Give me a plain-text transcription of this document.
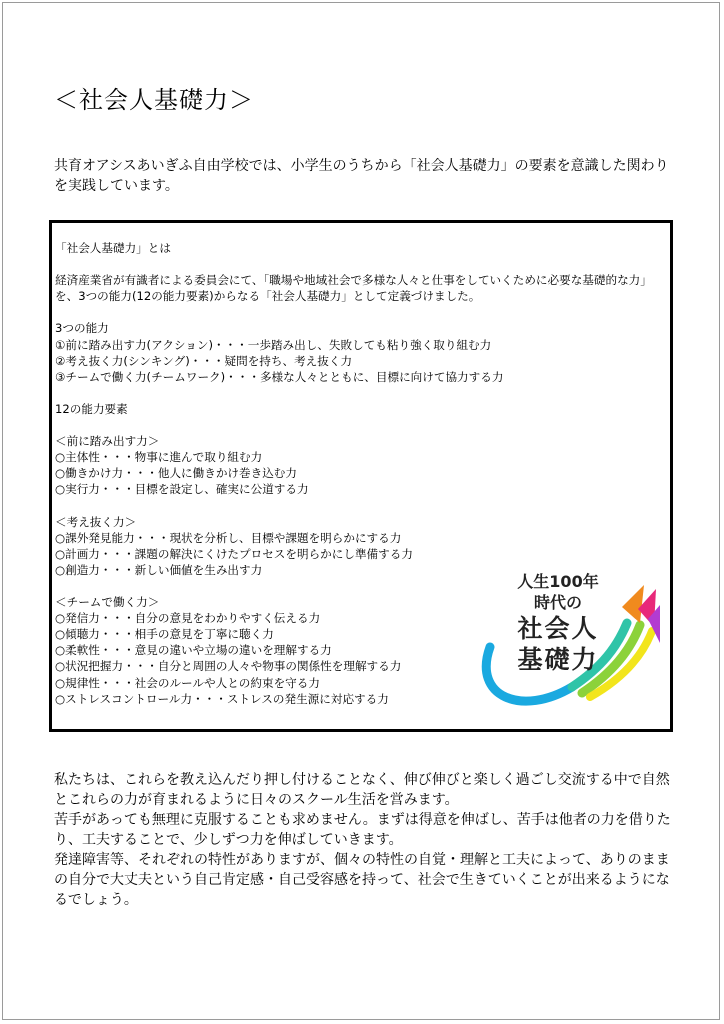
＜社会人基礎力＞
共育オアシスあいぎふ自由学校では、小学生のうちから「社会人基礎力」の要素を意識した関わりを実践しています。
「社会人基礎力」とは
経済産業省が有識者による委員会にて、「職場や地域社会で多様な人々と仕事をしていくために必要な基礎的な力」を、3つの能力(12の能力要素)からなる「社会人基礎力」として定義づけました。
3つの能力
①前に踏み出す力(アクション)・・・一歩踏み出し、失敗しても粘り強く取り組む力
②考え抜く力(シンキング)・・・疑問を持ち、考え抜く力
③チームで働く力(チームワーク)・・・多様な人々とともに、目標に向けて協力する力
12の能力要素
＜前に踏み出す力＞
○主体性・・・物事に進んで取り組む力
○働きかけ力・・・他人に働きかけ巻き込む力
○実行力・・・目標を設定し、確実に公道する力
＜考え抜く力＞
○課外発見能力・・・現状を分析し、目標や課題を明らかにする力
○計画力・・・課題の解決にくけたプロセスを明らかにし準備する力
○創造力・・・新しい価値を生み出す力
＜チームで働く力＞
○発信力・・・自分の意見をわかりやすく伝える力
○傾聴力・・・相手の意見を丁寧に聴く力
○柔軟性・・・意見の違いや立場の違いを理解する力
○状況把握力・・・自分と周囲の人々や物事の関係性を理解する力
○規律性・・・社会のルールや人との約束を守る力
○ストレスコントロール力・・・ストレスの発生源に対応する力
人生100年
時代の
社会人
基礎力

私たちは、これらを教え込んだり押し付けることなく、伸び伸びと楽しく過ごし交流する中で自然とこれらの力が育まれるように日々のスクール生活を営みます。

苦手があっても無理に克服することも求めません。まずは得意を伸ばし、苦手は他者の力を借りたり、工夫することで、少しずつ力を伸ばしていきます。

発達障害等、それぞれの特性がありますが、個々の特性の自覚・理解と工夫によって、ありのままの自分で大丈夫という自己肯定感・自己受容感を持って、社会で生きていくことが出来るようになるでしょう。
